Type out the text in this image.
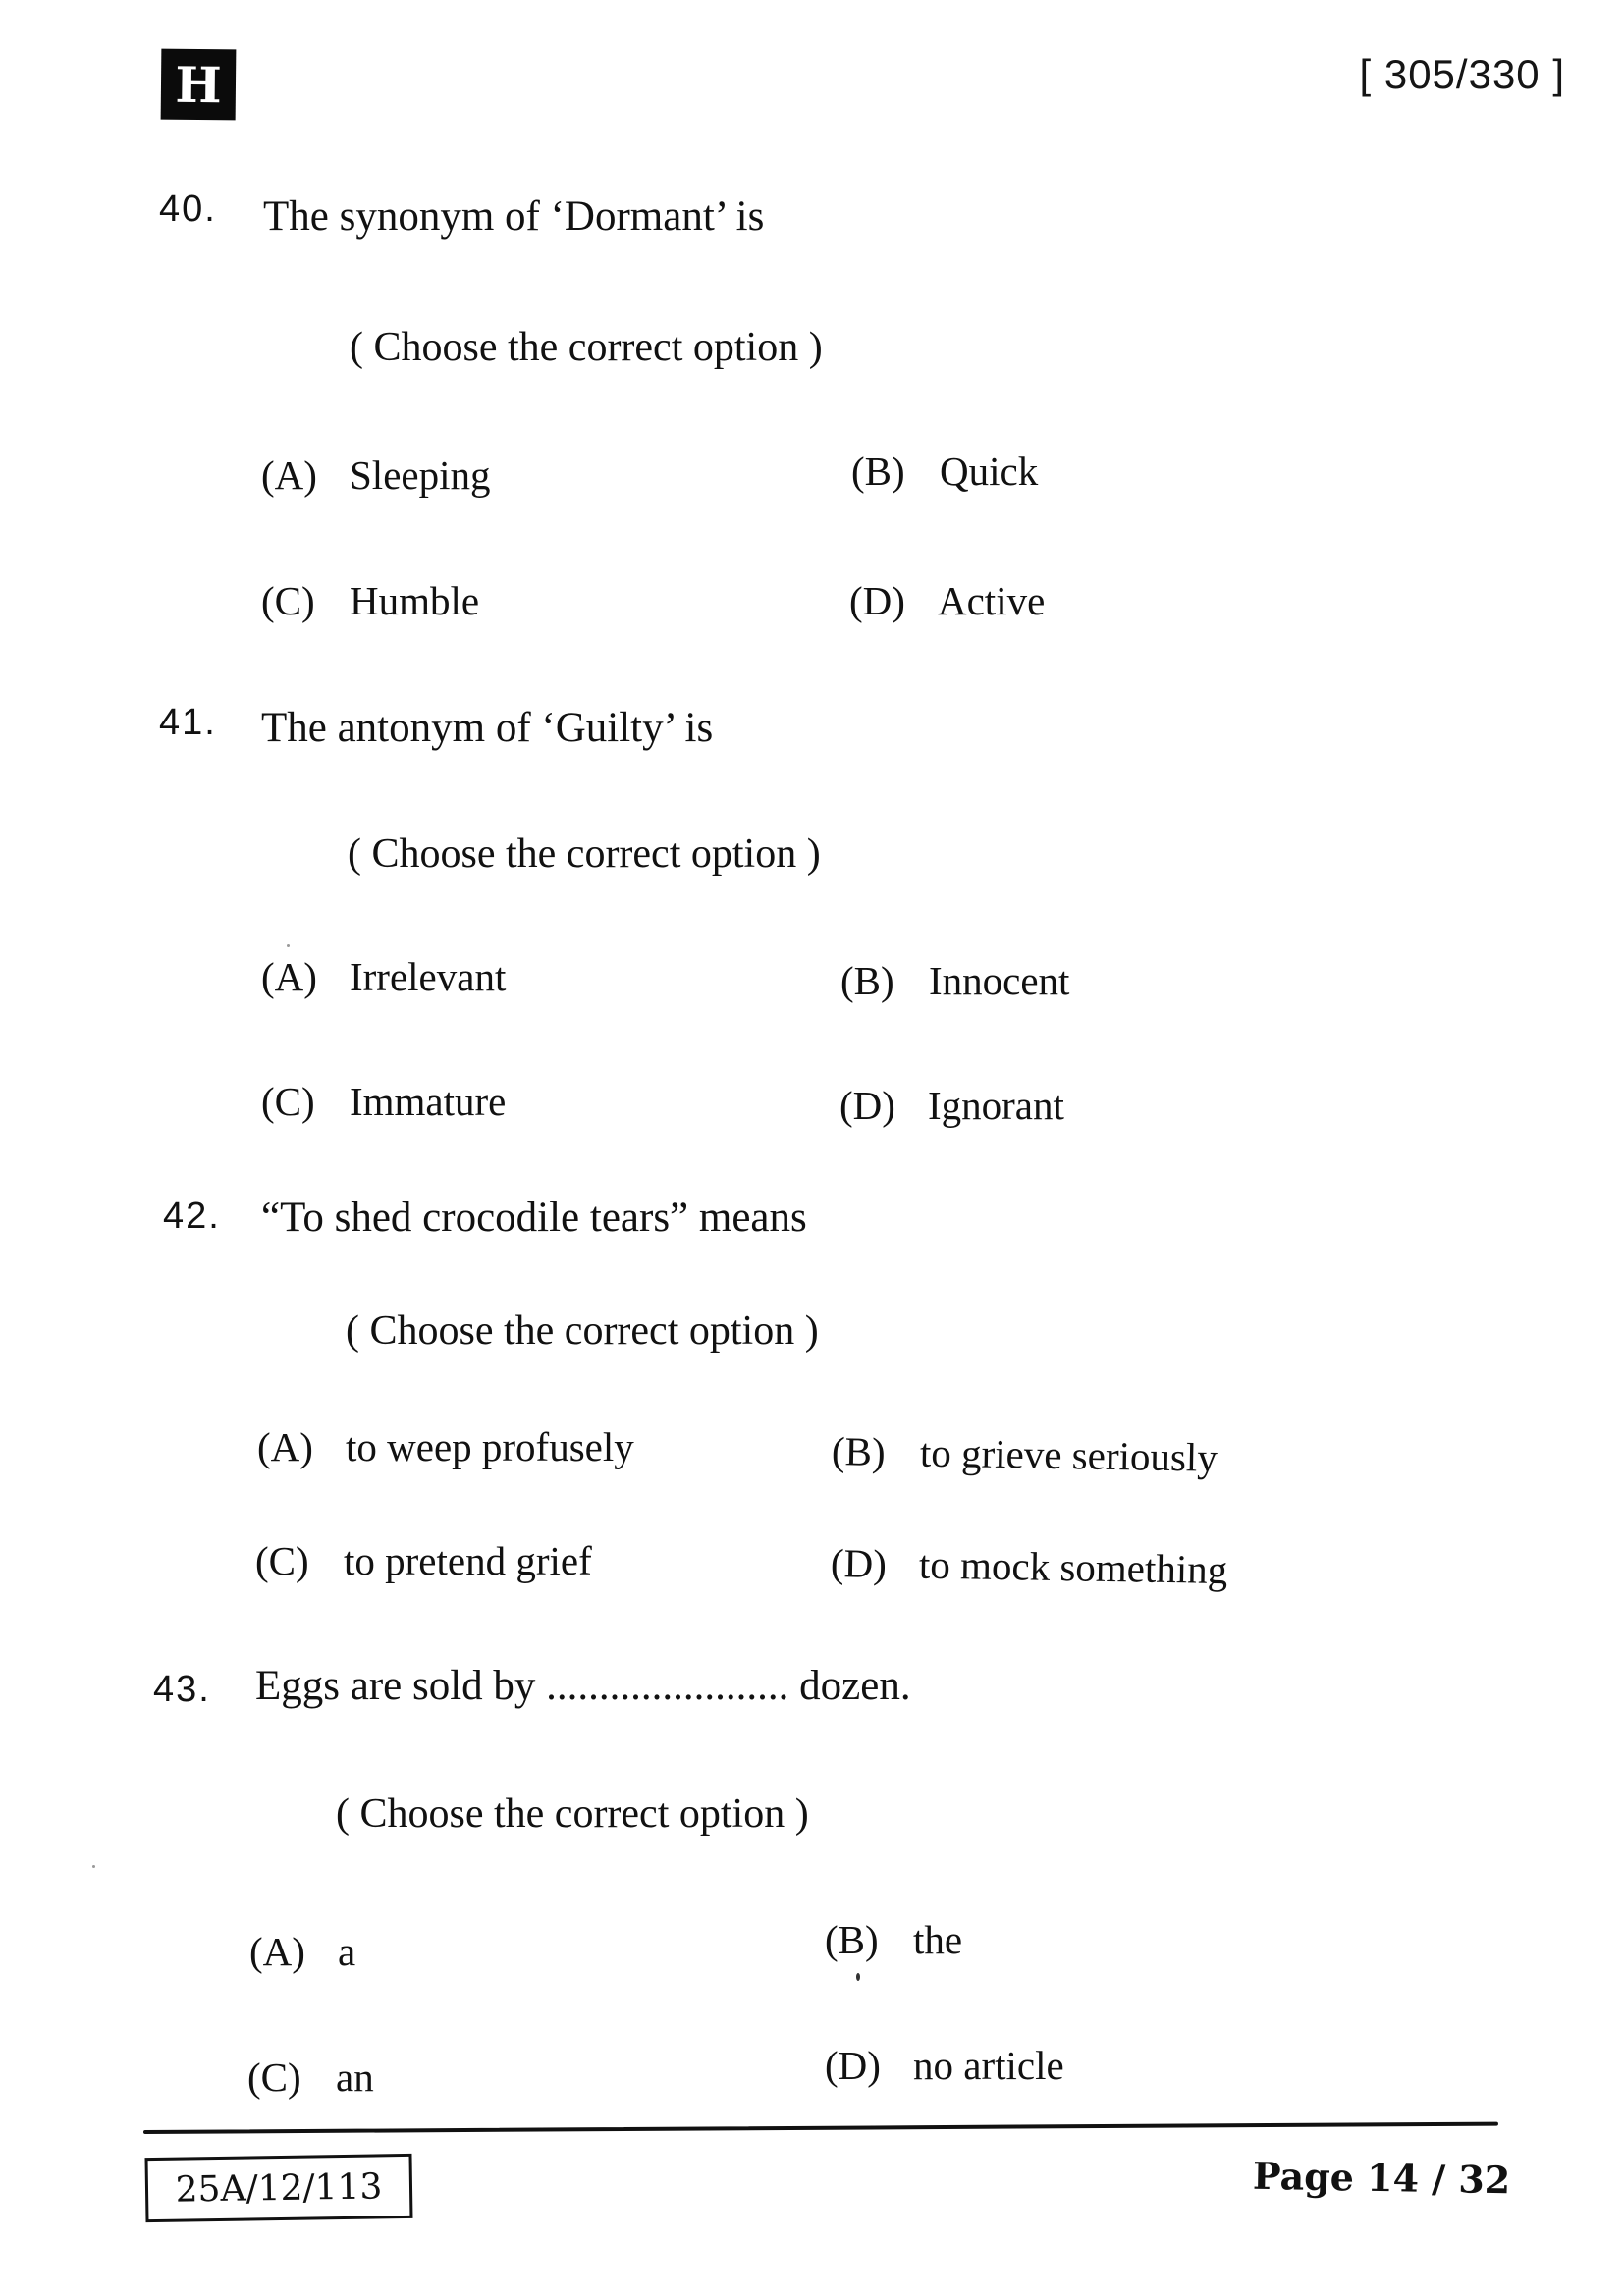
H	[ 305/330 ]
40. The synonym of ‘Dormant’ is
( Choose the correct option )
(A) Sleeping	(B) Quick
(C) Humble	(D) Active
41. The antonym of ‘Guilty’ is
( Choose the correct option )
(A) Irrelevant	(B) Innocent
(C) Immature	(D) Ignorant
42. “To shed crocodile tears” means
( Choose the correct option )
(A) to weep profusely	(B) to grieve seriously
(C) to pretend grief	(D) to mock something
43. Eggs are sold by ....................... dozen.
( Choose the correct option )
(A) a	(B) the
(C) an	(D) no article
25A/12/113	Page 14 / 32
